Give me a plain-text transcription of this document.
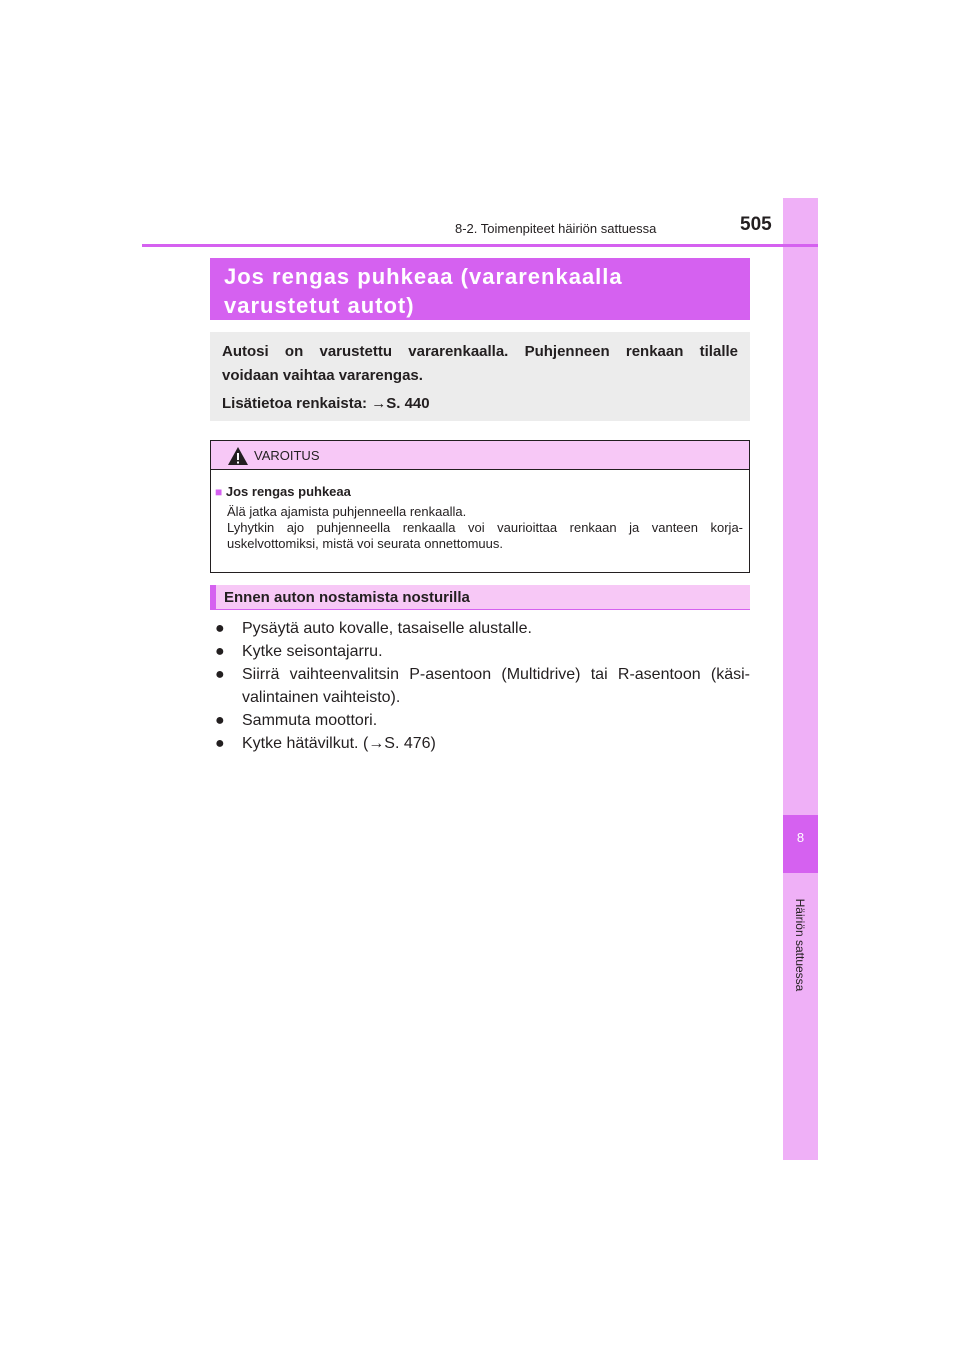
8
Häiriön sattuessa
8-2. Toimenpiteet häiriön sattuessa	505
Jos rengas puhkeaa (vararenkaalla
varustetut autot)

Autosi on varustettu vararenkaalla. Puhjenneen renkaan tilalle

voidaan vaihtaa vararengas.

Lisätietoa renkaista: →S. 440

VAROITUS
■ Jos rengas puhkeaa

Älä jatka ajamista puhjenneella renkaalla.
Lyhytkin ajo puhjenneella renkaalla voi vaurioittaa renkaan ja vanteen korja-
uskelvottomiksi, mistä voi seurata onnettomuus.

Ennen auton nostamista nosturilla
● Pysäytä auto kovalle, tasaiselle alustalle.
● Kytke seisontajarru.
● Siirrä vaihteenvalitsin P-asentoon (Multidrive) tai R-asentoon (käsi-
valintainen vaihteisto).
● Sammuta moottori.
● Kytke hätävilkut. (→S. 476)
